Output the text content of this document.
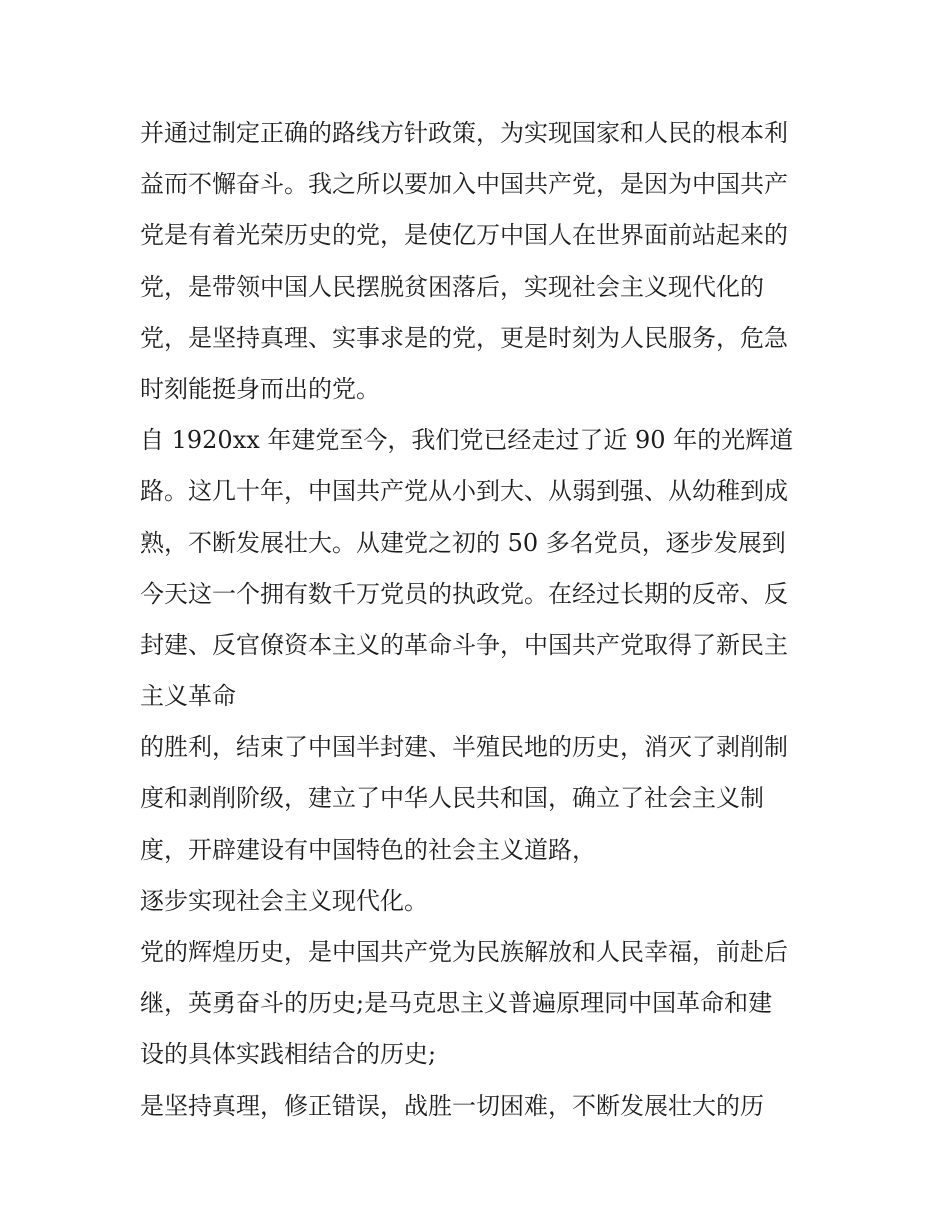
并通过制定正确的路线方针政策，为实现国家和人民的根本利
益而不懈奋斗。我之所以要加入中国共产党，是因为中国共产
党是有着光荣历史的党，是使亿万中国人在世界面前站起来的
党，是带领中国人民摆脱贫困落后，实现社会主义现代化的
党，是坚持真理、实事求是的党，更是时刻为人民服务，危急
时刻能挺身而出的党。
自 1920xx 年建党至今，我们党已经走过了近 90 年的光辉道
路。这几十年，中国共产党从小到大、从弱到强、从幼稚到成
熟，不断发展壮大。从建党之初的 50 多名党员，逐步发展到
今天这一个拥有数千万党员的执政党。在经过长期的反帝、反
封建、反官僚资本主义的革命斗争，中国共产党取得了新民主
主义革命
的胜利，结束了中国半封建、半殖民地的历史，消灭了剥削制
度和剥削阶级，建立了中华人民共和国，确立了社会主义制
度，开辟建设有中国特色的社会主义道路，
逐步实现社会主义现代化。
党的辉煌历史，是中国共产党为民族解放和人民幸福，前赴后
继，英勇奋斗的历史;是马克思主义普遍原理同中国革命和建
设的具体实践相结合的历史;
是坚持真理，修正错误，战胜一切困难，不断发展壮大的历
